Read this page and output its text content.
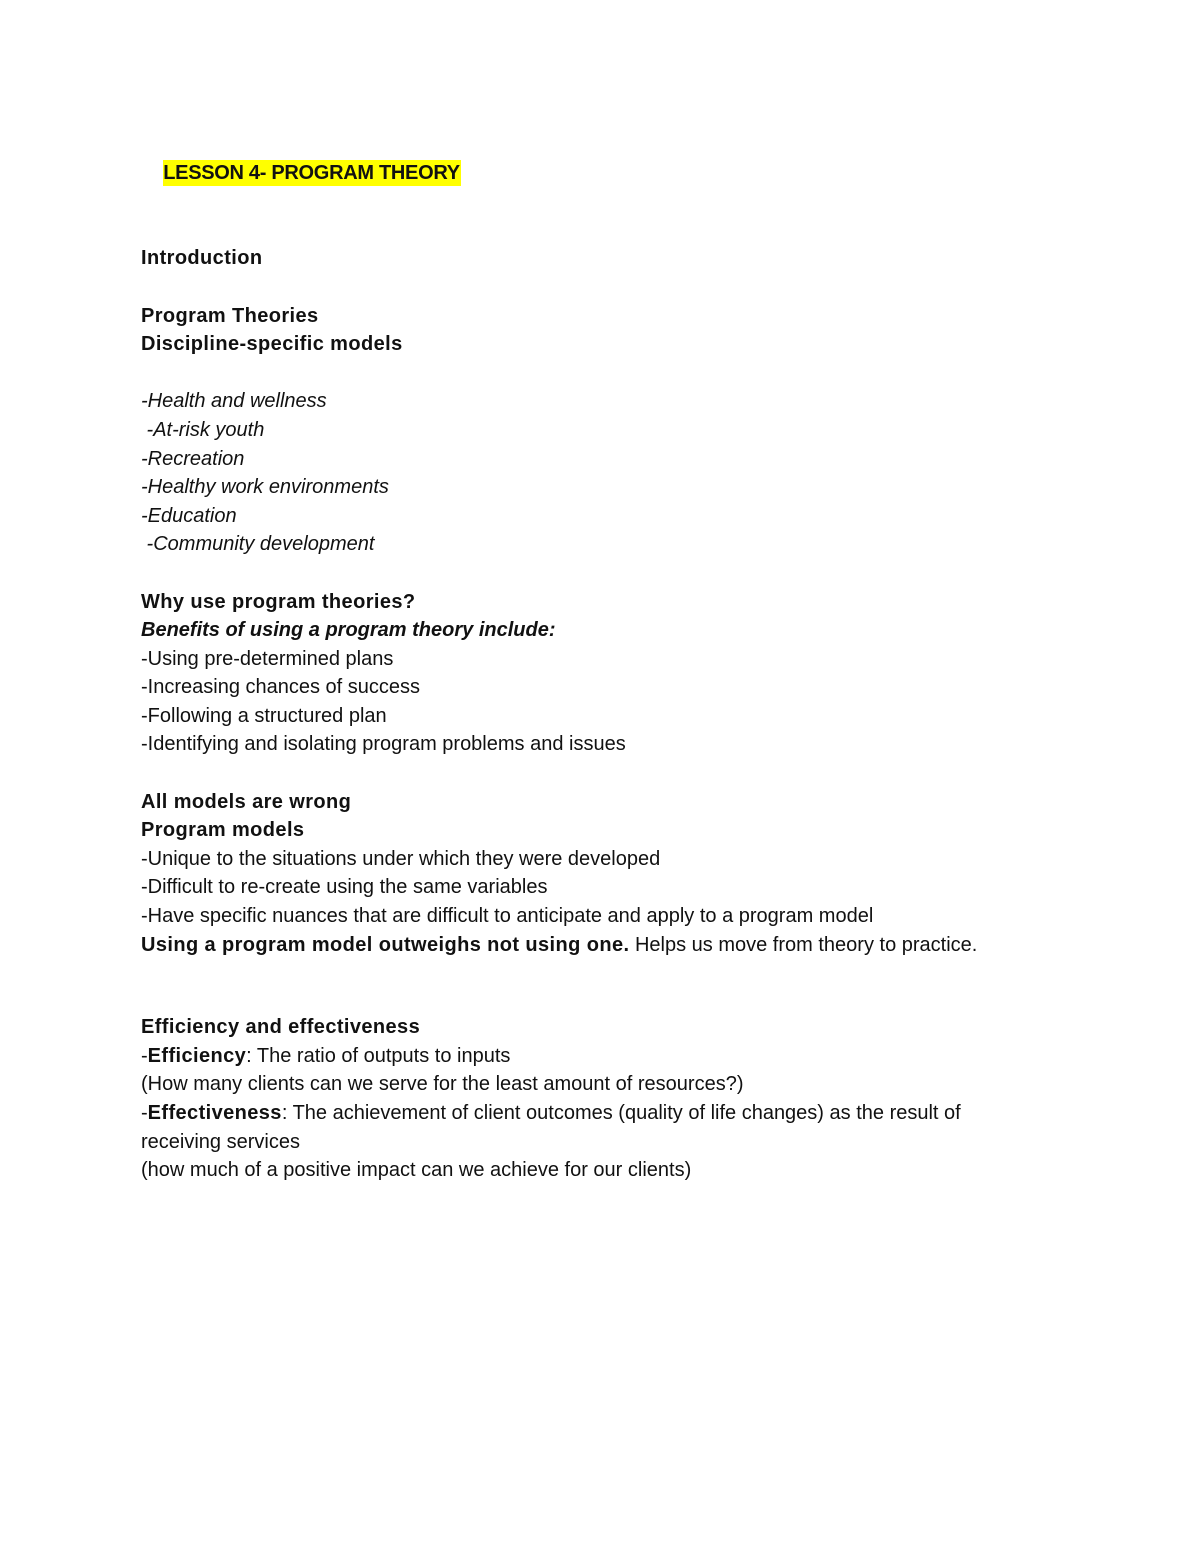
LESSON 4- PROGRAM THEORY

Introduction
Program Theories
Discipline-specific models
-Health and wellness
-At-risk youth
-Recreation
-Healthy work environments
-Education
-Community development
Why use program theories?
Benefits of using a program theory include:
-Using pre-determined plans
-Increasing chances of success
-Following a structured plan
-Identifying and isolating program problems and issues
All models are wrong
Program models
-Unique to the situations under which they were developed
-Difficult to re-create using the same variables
-Have specific nuances that are difficult to anticipate and apply to a program model
Using a program model outweighs not using one. Helps us move from theory to practice.
Efficiency and effectiveness
-Efficiency: The ratio of outputs to inputs
(How many clients can we serve for the least amount of resources?)
-Effectiveness: The achievement of client outcomes (quality of life changes) as the result of receiving services
(how much of a positive impact can we achieve for our clients)
